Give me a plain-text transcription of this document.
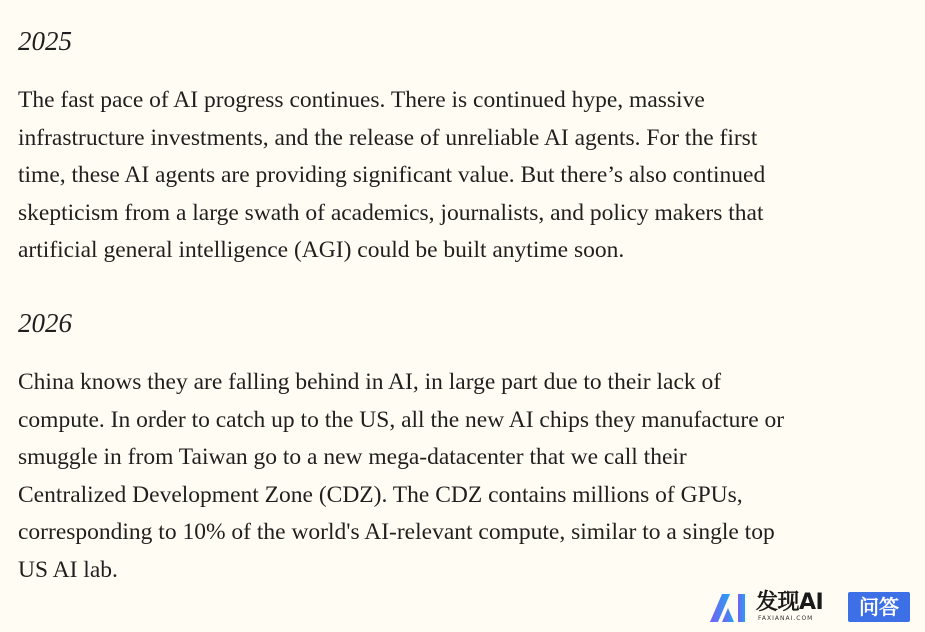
2025

The fast pace of AI progress continues. There is continued hype, massive
infrastructure investments, and the release of unreliable AI agents. For the first
time, these AI agents are providing significant value. But there’s also continued
skepticism from a large swath of academics, journalists, and policy makers that
artificial general intelligence (AGI) could be built anytime soon.

2026

China knows they are falling behind in AI, in large part due to their lack of
compute. In order to catch up to the US, all the new AI chips they manufacture or
smuggle in from Taiwan go to a new mega-datacenter that we call their
Centralized Development Zone (CDZ). The CDZ contains millions of GPUs,
corresponding to 10% of the world's AI-relevant compute, similar to a single top
US AI lab.

发现AI
FAXIANAI.COM	问答
